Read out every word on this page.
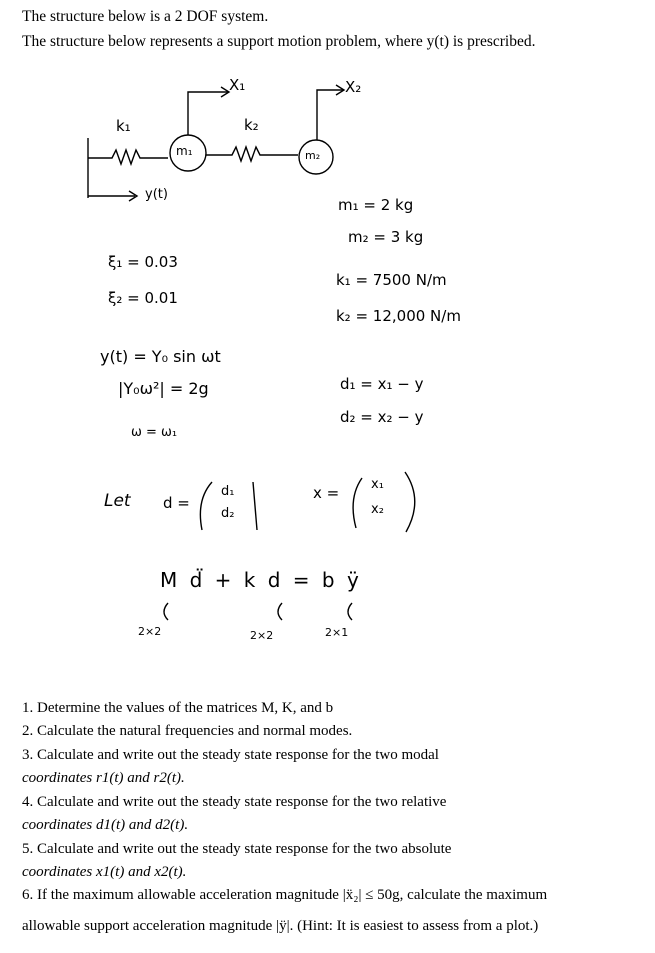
The structure below is a 2 DOF system.
The structure below represents a support motion problem, where y(t) is prescribed.
X₁	X₂
k₁	k₂
m₁	m₂
y(t)
m₁ = 2 kg
m₂ = 3 kg
ξ₁ = 0.03
ξ₂ = 0.01
k₁ = 7500 N/m
k₂ = 12,000 N/m
y(t) = Y₀ sin ωt
|Y₀ω²| = 2g
ω = ω₁
d₁ = x₁ − y
d₂ = x₂ − y
Let d =
d₁
d₂
x = x₁
x₂
M d̈ + k d = b ÿ
2×2	2×2	2×1
1. Determine the values of the matrices M, K, and b
2. Calculate the natural frequencies and normal modes.
3. Calculate and write out the steady state response for the two modal
coordinates r1(t) and r2(t).
4. Calculate and write out the steady state response for the two relative
coordinates d1(t) and d2(t).
5. Calculate and write out the steady state response for the two absolute
coordinates x1(t) and x2(t).
6. If the maximum allowable acceleration magnitude |ẍ₂| ≤ 50g, calculate the maximum
allowable support acceleration magnitude |ÿ|. (Hint: It is easiest to assess from a plot.)
